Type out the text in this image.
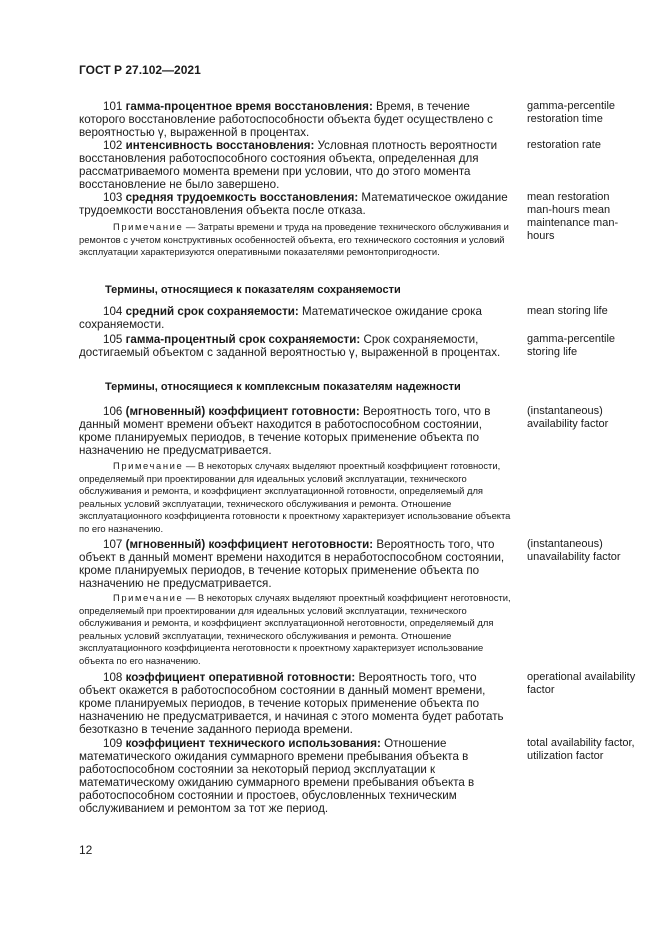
ГОСТ Р 27.102—2021

101 гамма-процентное время восстановления: Время, в течение которого восстановление работоспособности объекта будет осуществлено с вероятностью γ, выраженной в процентах.

gamma-percentile restoration time

102 интенсивность восстановления: Условная плотность вероятности восстановления работоспособного состояния объекта, определенная для рассматриваемого момента времени при условии, что до этого момента восстановление не было завершено.

restoration rate

103 средняя трудоемкость восстановления: Математическое ожидание трудоемкости восстановления объекта после отказа.

Примечание — Затраты времени и труда на проведение технического обслуживания и ремонтов с учетом конструктивных особенностей объекта, его технического состояния и условий эксплуатации характеризуются оперативными показателями ремонтопригодности.

mean restoration man-hours mean maintenance man-hours

Термины, относящиеся к показателям сохраняемости

104 средний срок сохраняемости: Математическое ожидание срока сохраняемости.

mean storing life

105 гамма-процентный срок сохраняемости: Срок сохраняемости, достигаемый объектом с заданной вероятностью γ, выраженной в процентах.

gamma-percentile storing life

Термины, относящиеся к комплексным показателям надежности

106 (мгновенный) коэффициент готовности: Вероятность того, что в данный момент времени объект находится в работоспособном состоянии, кроме планируемых периодов, в течение которых применение объекта по назначению не предусматривается.

(instantaneous) availability factor

Примечание — В некоторых случаях выделяют проектный коэффициент готовности, определяемый при проектировании для идеальных условий эксплуатации, технического обслуживания и ремонта, и коэффициент эксплуатационной готовности, определяемый для реальных условий эксплуатации, технического обслуживания и ремонта. Отношение эксплуатационного коэффициента готовности к проектному характеризует использование объекта по его назначению.

107 (мгновенный) коэффициент неготовности: Вероятность того, что объект в данный момент времени находится в неработоспособном состоянии, кроме планируемых периодов, в течение которых применение объекта по назначению не предусматривается.

(instantaneous) unavailability factor

Примечание — В некоторых случаях выделяют проектный коэффициент неготовности, определяемый при проектировании для идеальных условий эксплуатации, технического обслуживания и ремонта, и коэффициент эксплуатационной неготовности, определяемый для реальных условий эксплуатации, технического обслуживания и ремонта. Отношение эксплуатационного коэффициента неготовности к проектному характеризует использование объекта по его назначению.

108 коэффициент оперативной готовности: Вероятность того, что объект окажется в работоспособном состоянии в данный момент времени, кроме планируемых периодов, в течение которых применение объекта по назначению не предусматривается, и начиная с этого момента будет работать безотказно в течение заданного периода времени.

operational availability factor

109 коэффициент технического использования: Отношение математического ожидания суммарного времени пребывания объекта в работоспособном состоянии за некоторый период эксплуатации к математическому ожиданию суммарного времени пребывания объекта в работоспособном состоянии и простоев, обусловленных техническим обслуживанием и ремонтом за тот же период.

total availability factor, utilization factor

12
